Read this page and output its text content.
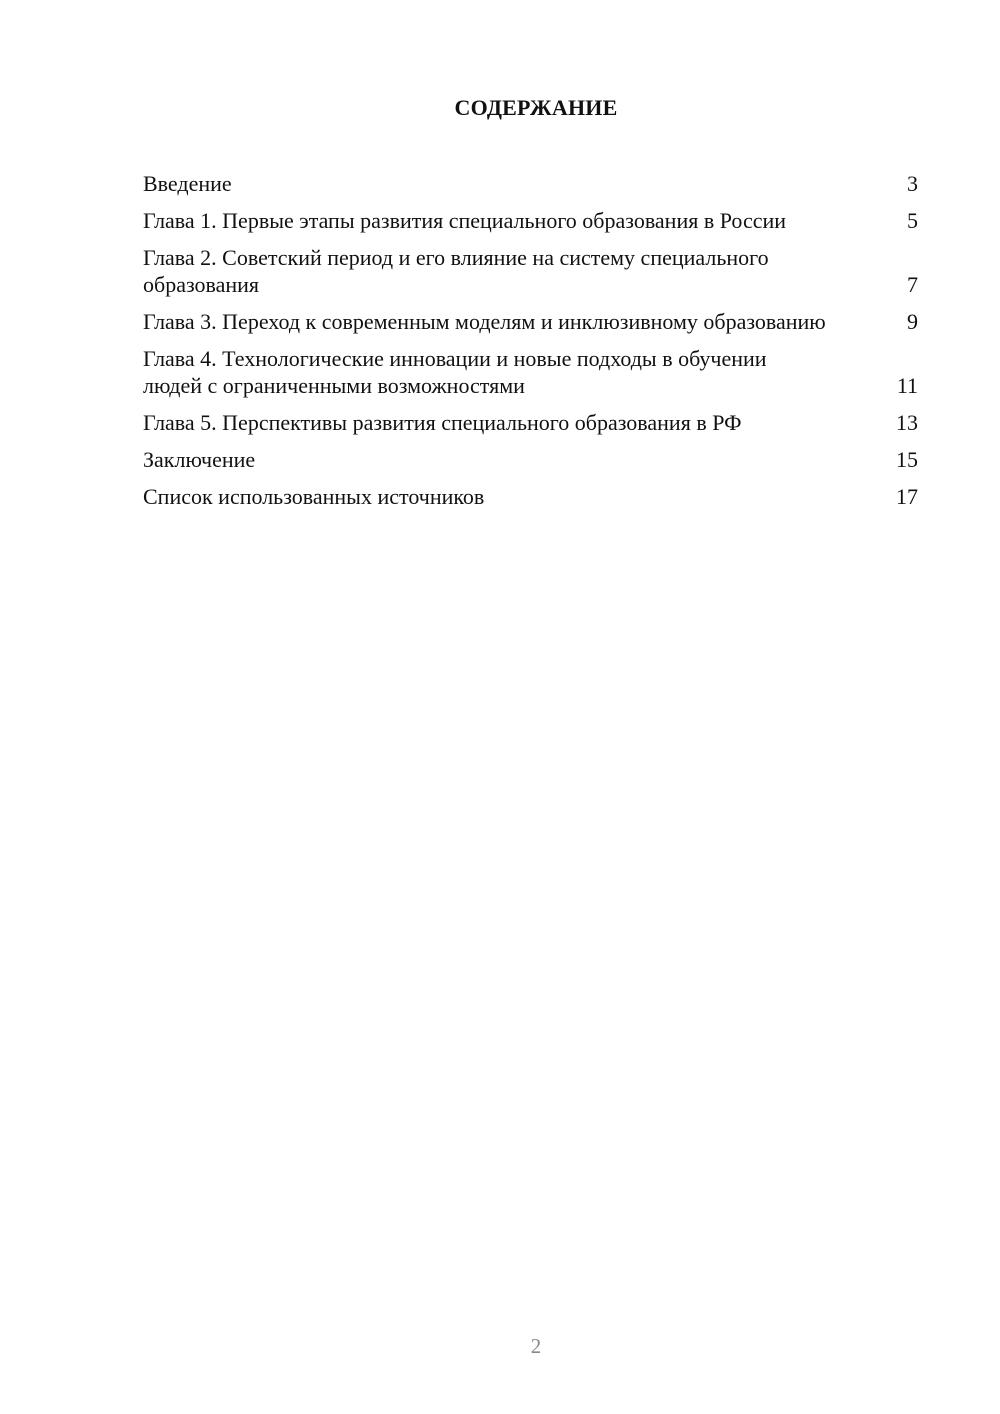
СОДЕРЖАНИЕ
Введение	3
Глава 1. Первые этапы развития специального образования в России	5
Глава 2. Советский период и его влияние на систему специального образования	7
Глава 3. Переход к современным моделям и инклюзивному образованию	9
Глава 4. Технологические инновации и новые подходы в обучении людей с ограниченными возможностями	11
Глава 5. Перспективы развития специального образования в РФ	13
Заключение	15
Список использованных источников	17
2
